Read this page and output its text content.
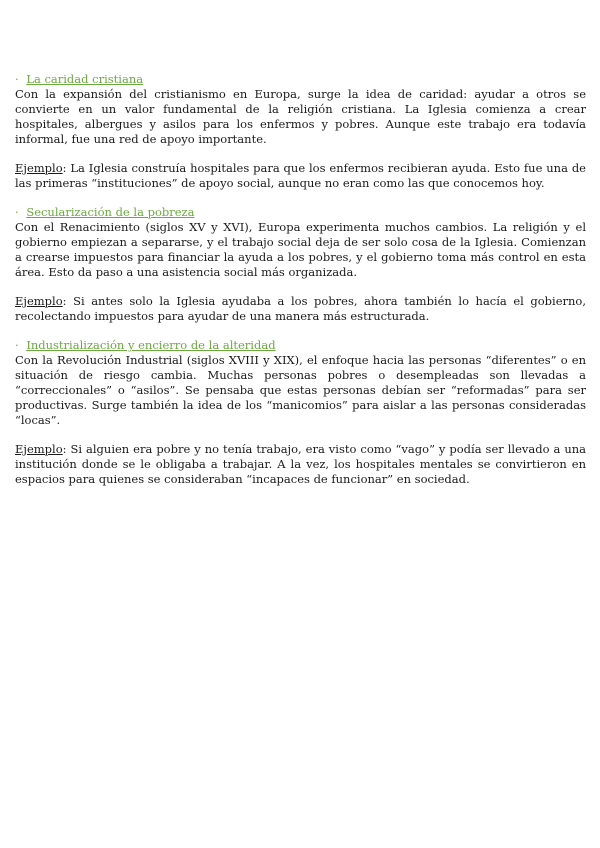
· La caridad cristiana

Con la expansión del cristianismo en Europa, surge la idea de caridad: ayudar a otros se convierte en un valor fundamental de la religión cristiana. La Iglesia comienza a crear hospitales, albergues y asilos para los enfermos y pobres. Aunque este trabajo era todavía informal, fue una red de apoyo importante.

Ejemplo: La Iglesia construía hospitales para que los enfermos recibieran ayuda. Esto fue una de las primeras “instituciones” de apoyo social, aunque no eran como las que conocemos hoy.

· Secularización de la pobreza

Con el Renacimiento (siglos XV y XVI), Europa experimenta muchos cambios. La religión y el gobierno empiezan a separarse, y el trabajo social deja de ser solo cosa de la Iglesia. Comienzan a crearse impuestos para financiar la ayuda a los pobres, y el gobierno toma más control en esta área. Esto da paso a una asistencia social más organizada.

Ejemplo: Si antes solo la Iglesia ayudaba a los pobres, ahora también lo hacía el gobierno, recolectando impuestos para ayudar de una manera más estructurada.

· Industrialización y encierro de la alteridad

Con la Revolución Industrial (siglos XVIII y XIX), el enfoque hacia las personas “diferentes” o en situación de riesgo cambia. Muchas personas pobres o desempleadas son llevadas a “correccionales” o “asilos”. Se pensaba que estas personas debían ser “reformadas” para ser productivas. Surge también la idea de los “manicomios” para aislar a las personas consideradas “locas”.

Ejemplo: Si alguien era pobre y no tenía trabajo, era visto como “vago” y podía ser llevado a una institución donde se le obligaba a trabajar. A la vez, los hospitales mentales se convirtieron en espacios para quienes se consideraban “incapaces de funcionar” en sociedad.
